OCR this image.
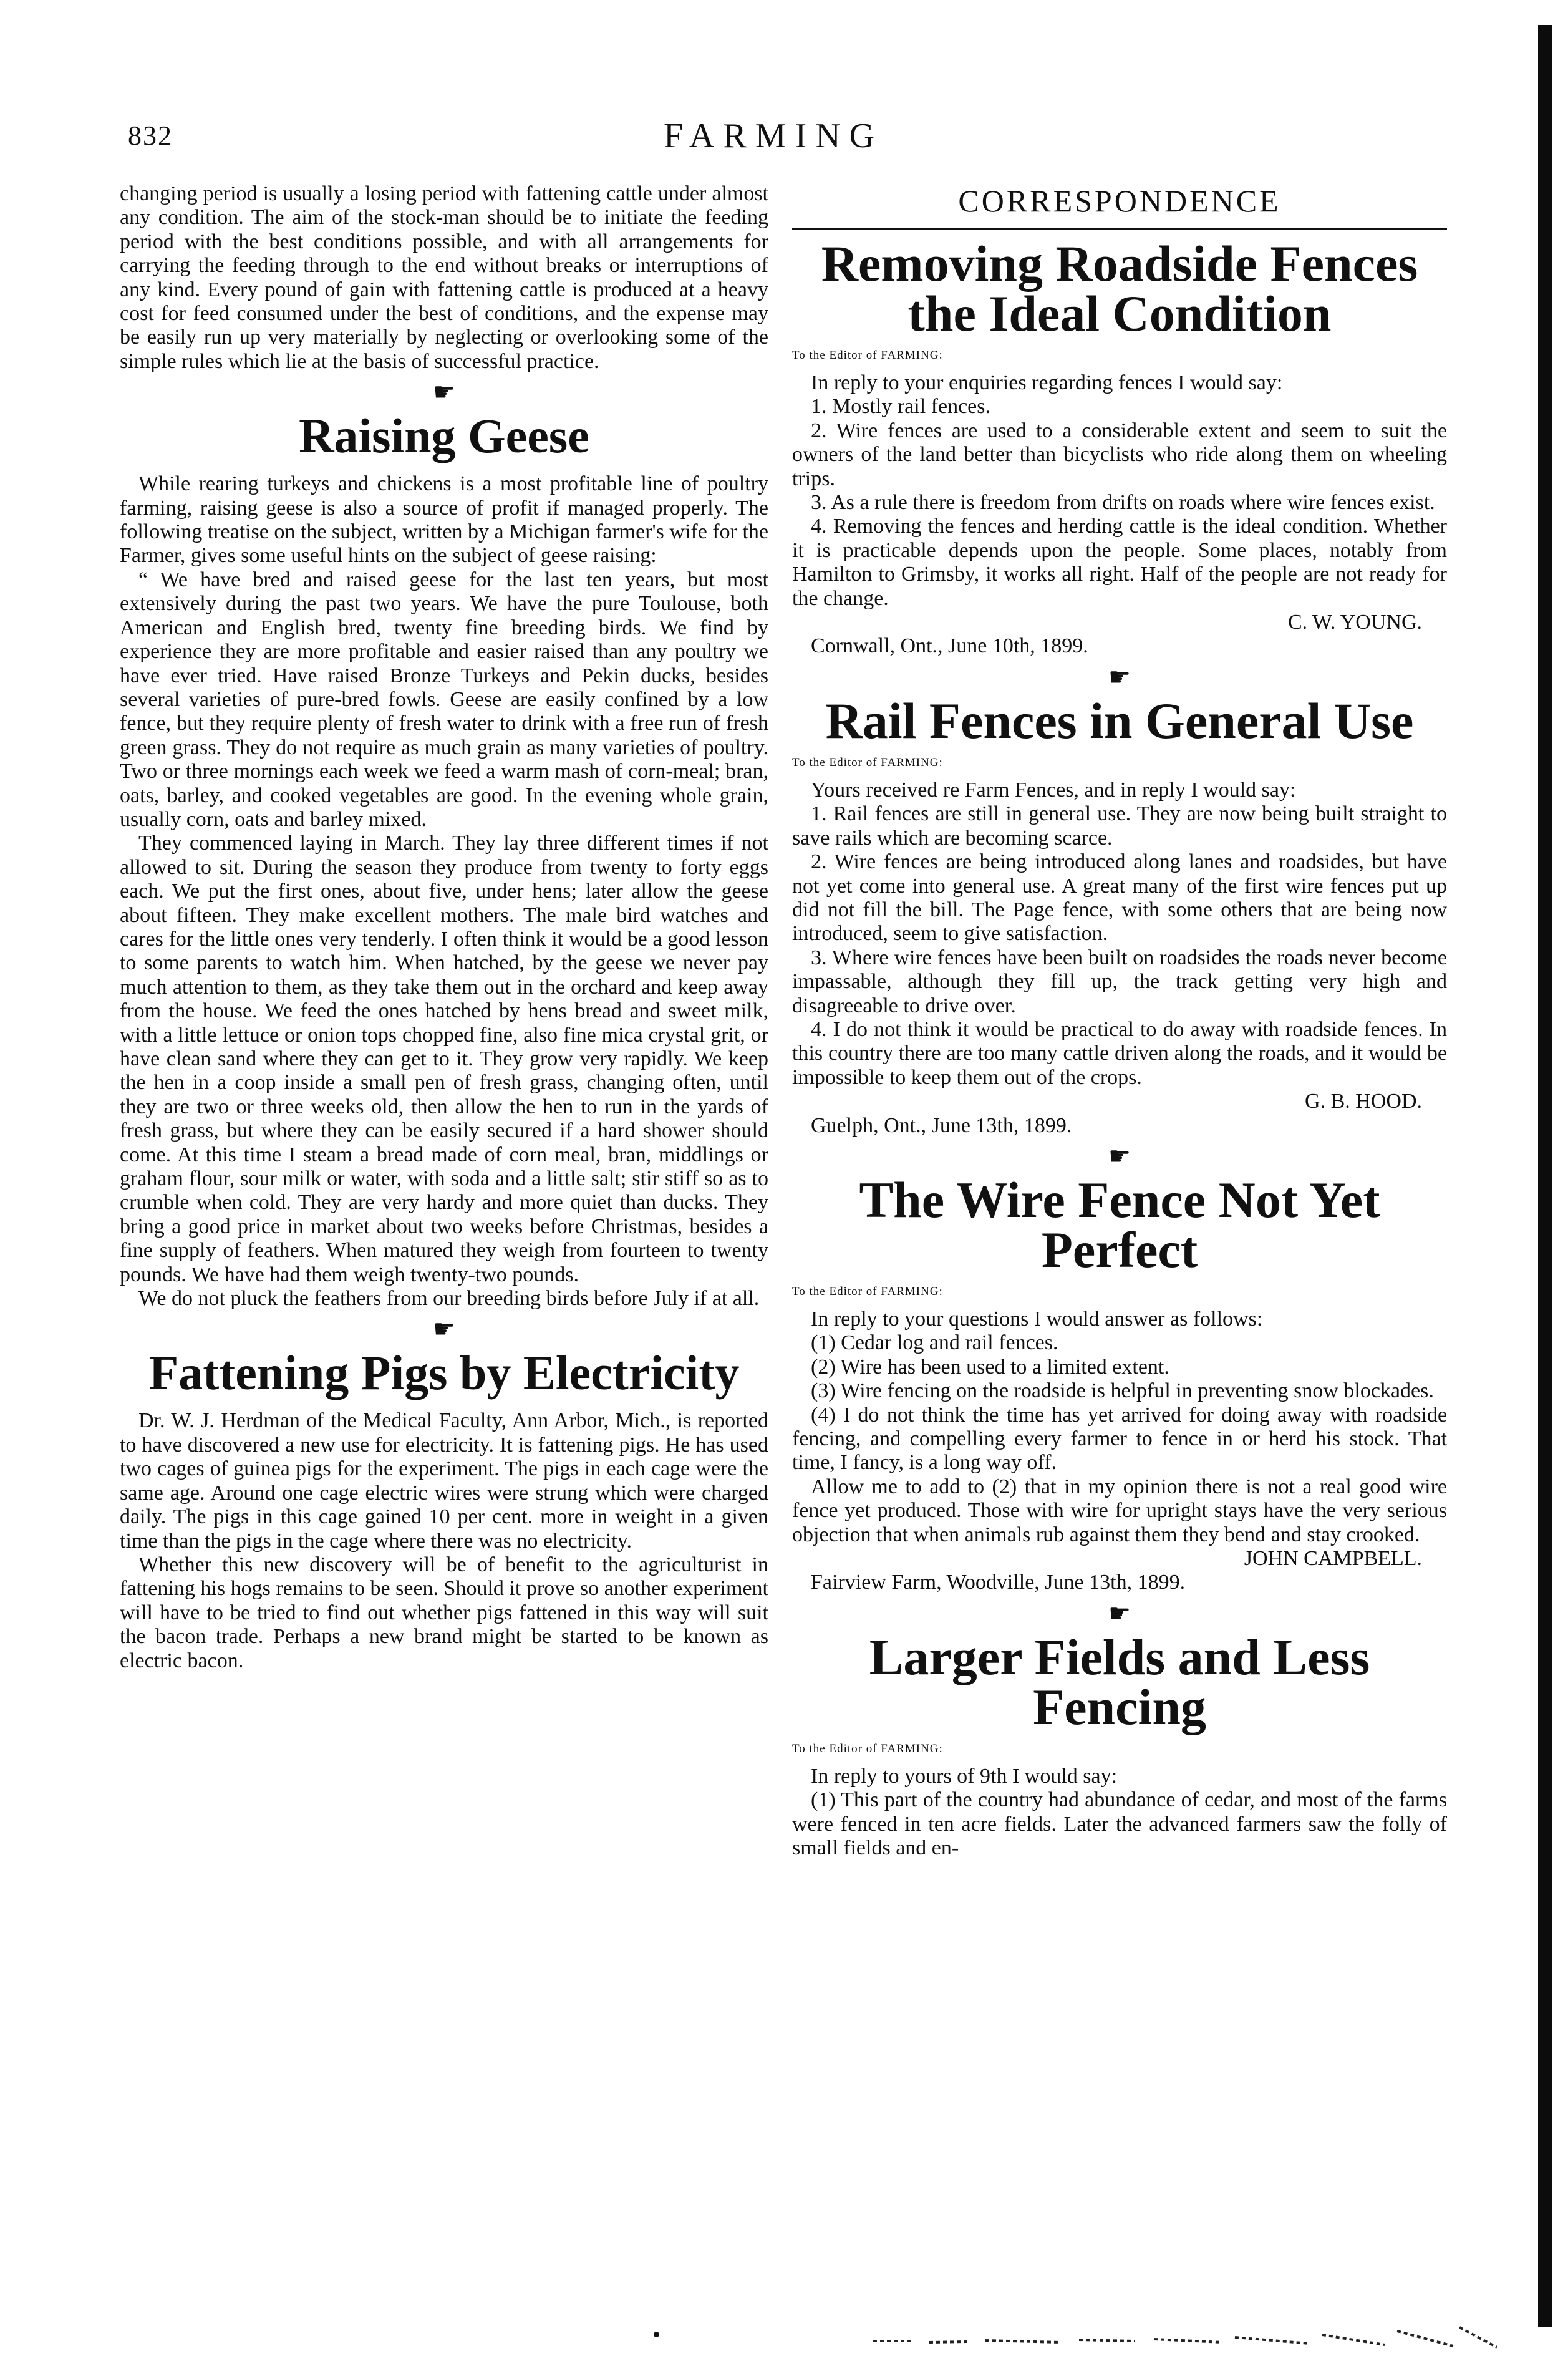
832	FARMING

changing period is usually a losing period with fattening cattle under almost any condition. The aim of the stock-man should be to initiate the feeding period with the best conditions possible, and with all arrangements for carrying the feeding through to the end without breaks or interruptions of any kind. Every pound of gain with fattening cattle is produced at a heavy cost for feed consumed under the best of conditions, and the expense may be easily run up very materially by neglecting or overlooking some of the simple rules which lie at the basis of successful practice.

☛
Raising Geese

While rearing turkeys and chickens is a most profitable line of poultry farming, raising geese is also a source of profit if managed properly. The following treatise on the subject, written by a Michigan farmer's wife for the Farmer, gives some useful hints on the subject of geese raising:

“ We have bred and raised geese for the last ten years, but most extensively during the past two years. We have the pure Toulouse, both American and English bred, twenty fine breeding birds. We find by experience they are more profitable and easier raised than any poultry we have ever tried. Have raised Bronze Turkeys and Pekin ducks, besides several varieties of pure-bred fowls. Geese are easily confined by a low fence, but they require plenty of fresh water to drink with a free run of fresh green grass. They do not require as much grain as many varieties of poultry. Two or three mornings each week we feed a warm mash of corn-meal; bran, oats, barley, and cooked vegetables are good. In the evening whole grain, usually corn, oats and barley mixed.

They commenced laying in March. They lay three different times if not allowed to sit. During the season they produce from twenty to forty eggs each. We put the first ones, about five, under hens; later allow the geese about fifteen. They make excellent mothers. The male bird watches and cares for the little ones very tenderly. I often think it would be a good lesson to some parents to watch him. When hatched, by the geese we never pay much attention to them, as they take them out in the orchard and keep away from the house. We feed the ones hatched by hens bread and sweet milk, with a little lettuce or onion tops chopped fine, also fine mica crystal grit, or have clean sand where they can get to it. They grow very rapidly. We keep the hen in a coop inside a small pen of fresh grass, changing often, until they are two or three weeks old, then allow the hen to run in the yards of fresh grass, but where they can be easily secured if a hard shower should come. At this time I steam a bread made of corn meal, bran, middlings or graham flour, sour milk or water, with soda and a little salt; stir stiff so as to crumble when cold. They are very hardy and more quiet than ducks. They bring a good price in market about two weeks before Christmas, besides a fine supply of feathers. When matured they weigh from fourteen to twenty pounds. We have had them weigh twenty-two pounds.

We do not pluck the feathers from our breeding birds before July if at all.

☛
Fattening Pigs by Electricity

Dr. W. J. Herdman of the Medical Faculty, Ann Arbor, Mich., is reported to have discovered a new use for electricity. It is fattening pigs. He has used two cages of guinea pigs for the experiment. The pigs in each cage were the same age. Around one cage electric wires were strung which were charged daily. The pigs in this cage gained 10 per cent. more in weight in a given time than the pigs in the cage where there was no electricity.

Whether this new discovery will be of benefit to the agriculturist in fattening his hogs remains to be seen. Should it prove so another experiment will have to be tried to find out whether pigs fattened in this way will suit the bacon trade. Perhaps a new brand might be started to be known as electric bacon.

CORRESPONDENCE
Removing Roadside Fences
the Ideal Condition
To the Editor of FARMING:

In reply to your enquiries regarding fences I would say:

1. Mostly rail fences.

2. Wire fences are used to a considerable extent and seem to suit the owners of the land better than bicyclists who ride along them on wheeling trips.

3. As a rule there is freedom from drifts on roads where wire fences exist.

4. Removing the fences and herding cattle is the ideal condition. Whether it is practicable depends upon the people. Some places, notably from Hamilton to Grimsby, it works all right. Half of the people are not ready for the change.

C. W. YOUNG.

Cornwall, Ont., June 10th, 1899.

☛
Rail Fences in General Use
To the Editor of FARMING:

Yours received re Farm Fences, and in reply I would say:

1. Rail fences are still in general use. They are now being built straight to save rails which are becoming scarce.

2. Wire fences are being introduced along lanes and roadsides, but have not yet come into general use. A great many of the first wire fences put up did not fill the bill. The Page fence, with some others that are being now introduced, seem to give satisfaction.

3. Where wire fences have been built on roadsides the roads never become impassable, although they fill up, the track getting very high and disagreeable to drive over.

4. I do not think it would be practical to do away with roadside fences. In this country there are too many cattle driven along the roads, and it would be impossible to keep them out of the crops.

G. B. HOOD.

Guelph, Ont., June 13th, 1899.

☛
The Wire Fence Not Yet
Perfect
To the Editor of FARMING:

In reply to your questions I would answer as follows:

(1) Cedar log and rail fences.

(2) Wire has been used to a limited extent.

(3) Wire fencing on the roadside is helpful in preventing snow blockades.

(4) I do not think the time has yet arrived for doing away with roadside fencing, and compelling every farmer to fence in or herd his stock. That time, I fancy, is a long way off.

Allow me to add to (2) that in my opinion there is not a real good wire fence yet produced. Those with wire for upright stays have the very serious objection that when animals rub against them they bend and stay crooked.

JOHN CAMPBELL.

Fairview Farm, Woodville, June 13th, 1899.

☛
Larger Fields and Less
Fencing
To the Editor of FARMING:

In reply to yours of 9th I would say:

(1) This part of the country had abundance of cedar, and most of the farms were fenced in ten acre fields. Later the advanced farmers saw the folly of small fields and en-
